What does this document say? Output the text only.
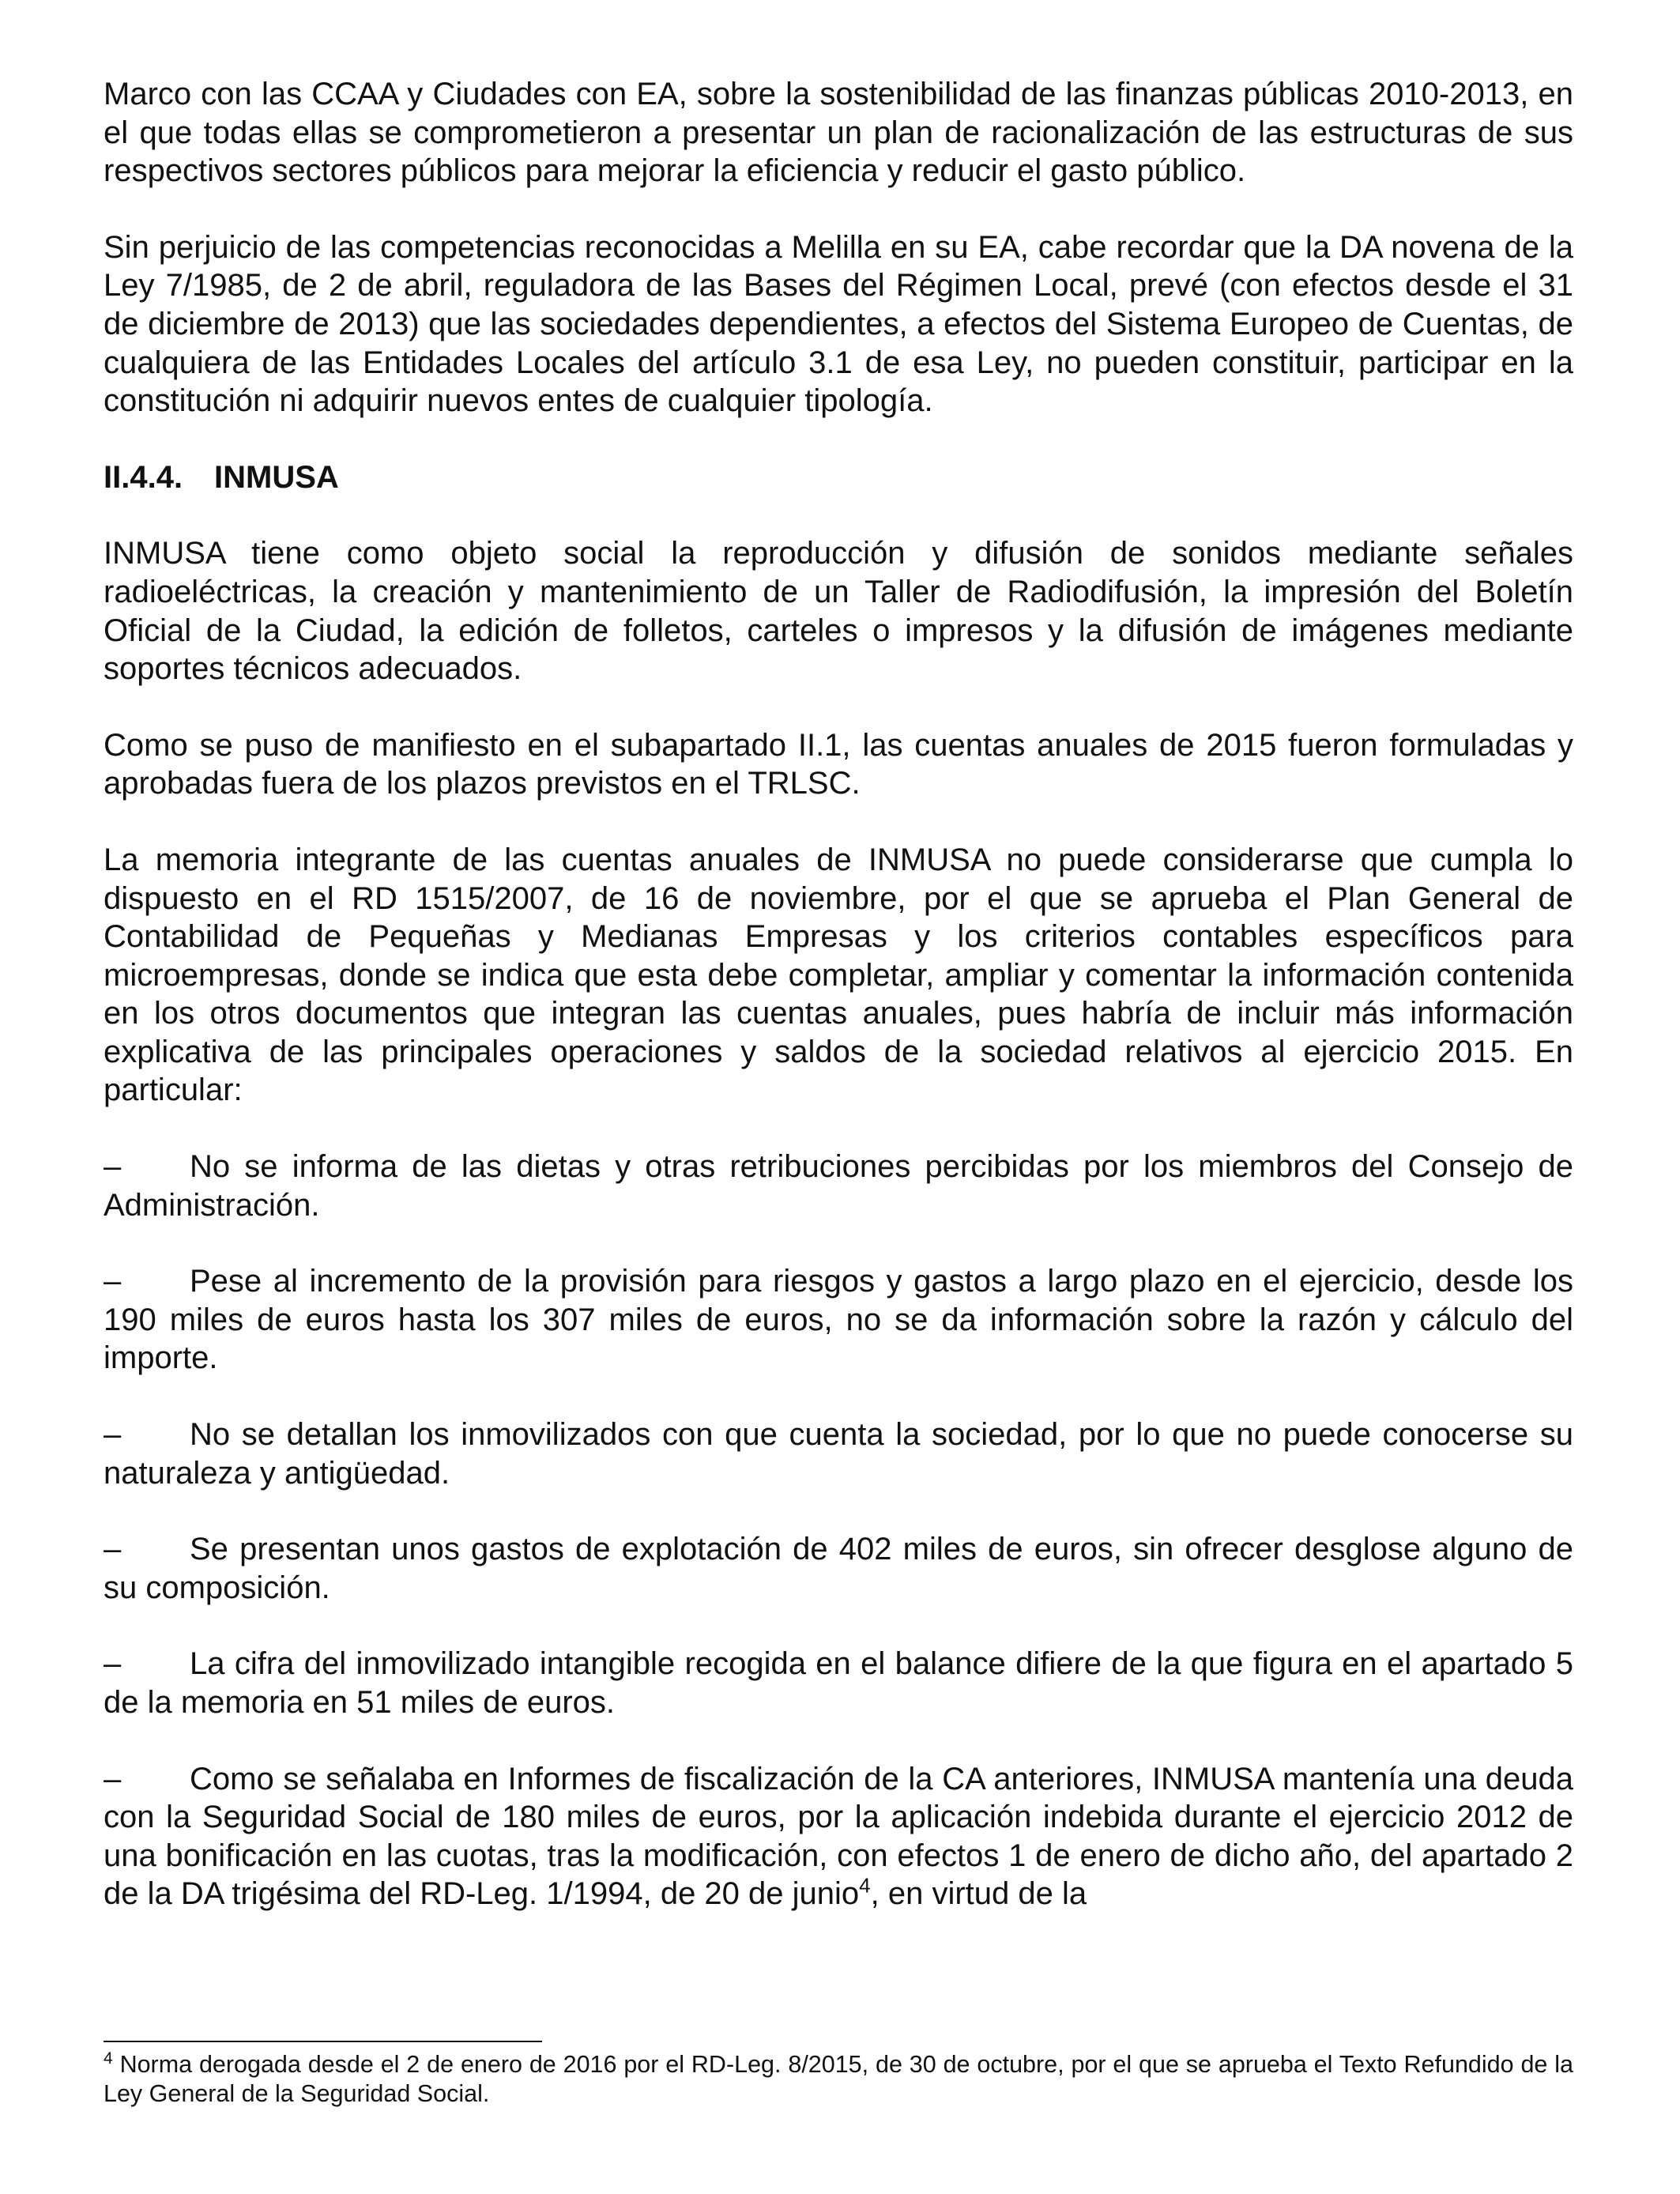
Marco con las CCAA y Ciudades con EA, sobre la sostenibilidad de las finanzas públicas 2010-2013, en el que todas ellas se comprometieron a presentar un plan de racionalización de las estructuras de sus respectivos sectores públicos para mejorar la eficiencia y reducir el gasto público.

Sin perjuicio de las competencias reconocidas a Melilla en su EA, cabe recordar que la DA novena de la Ley 7/1985, de 2 de abril, reguladora de las Bases del Régimen Local, prevé (con efectos desde el 31 de diciembre de 2013) que las sociedades dependientes, a efectos del Sistema Europeo de Cuentas, de cualquiera de las Entidades Locales del artículo 3.1 de esa Ley, no pueden constituir, participar en la constitución ni adquirir nuevos entes de cualquier tipología.

II.4.4. INMUSA

INMUSA tiene como objeto social la reproducción y difusión de sonidos mediante señales radioeléctricas, la creación y mantenimiento de un Taller de Radiodifusión, la impresión del Boletín Oficial de la Ciudad, la edición de folletos, carteles o impresos y la difusión de imágenes mediante soportes técnicos adecuados.

Como se puso de manifiesto en el subapartado II.1, las cuentas anuales de 2015 fueron formuladas y aprobadas fuera de los plazos previstos en el TRLSC.

La memoria integrante de las cuentas anuales de INMUSA no puede considerarse que cumpla lo dispuesto en el RD 1515/2007, de 16 de noviembre, por el que se aprueba el Plan General de Contabilidad de Pequeñas y Medianas Empresas y los criterios contables específicos para microempresas, donde se indica que esta debe completar, ampliar y comentar la información contenida en los otros documentos que integran las cuentas anuales, pues habría de incluir más información explicativa de las principales operaciones y saldos de la sociedad relativos al ejercicio 2015. En particular:

– No se informa de las dietas y otras retribuciones percibidas por los miembros del Consejo de Administración.

– Pese al incremento de la provisión para riesgos y gastos a largo plazo en el ejercicio, desde los 190 miles de euros hasta los 307 miles de euros, no se da información sobre la razón y cálculo del importe.

– No se detallan los inmovilizados con que cuenta la sociedad, por lo que no puede conocerse su naturaleza y antigüedad.

– Se presentan unos gastos de explotación de 402 miles de euros, sin ofrecer desglose alguno de su composición.

– La cifra del inmovilizado intangible recogida en el balance difiere de la que figura en el apartado 5 de la memoria en 51 miles de euros.

– Como se señalaba en Informes de fiscalización de la CA anteriores, INMUSA mantenía una deuda con la Seguridad Social de 180 miles de euros, por la aplicación indebida durante el ejercicio 2012 de una bonificación en las cuotas, tras la modificación, con efectos 1 de enero de dicho año, del apartado 2 de la DA trigésima del RD-Leg. 1/1994, de 20 de junio$^4$, en virtud de la

$^4$ Norma derogada desde el 2 de enero de 2016 por el RD-Leg. 8/2015, de 30 de octubre, por el que se aprueba el Texto Refundido de la Ley General de la Seguridad Social.
